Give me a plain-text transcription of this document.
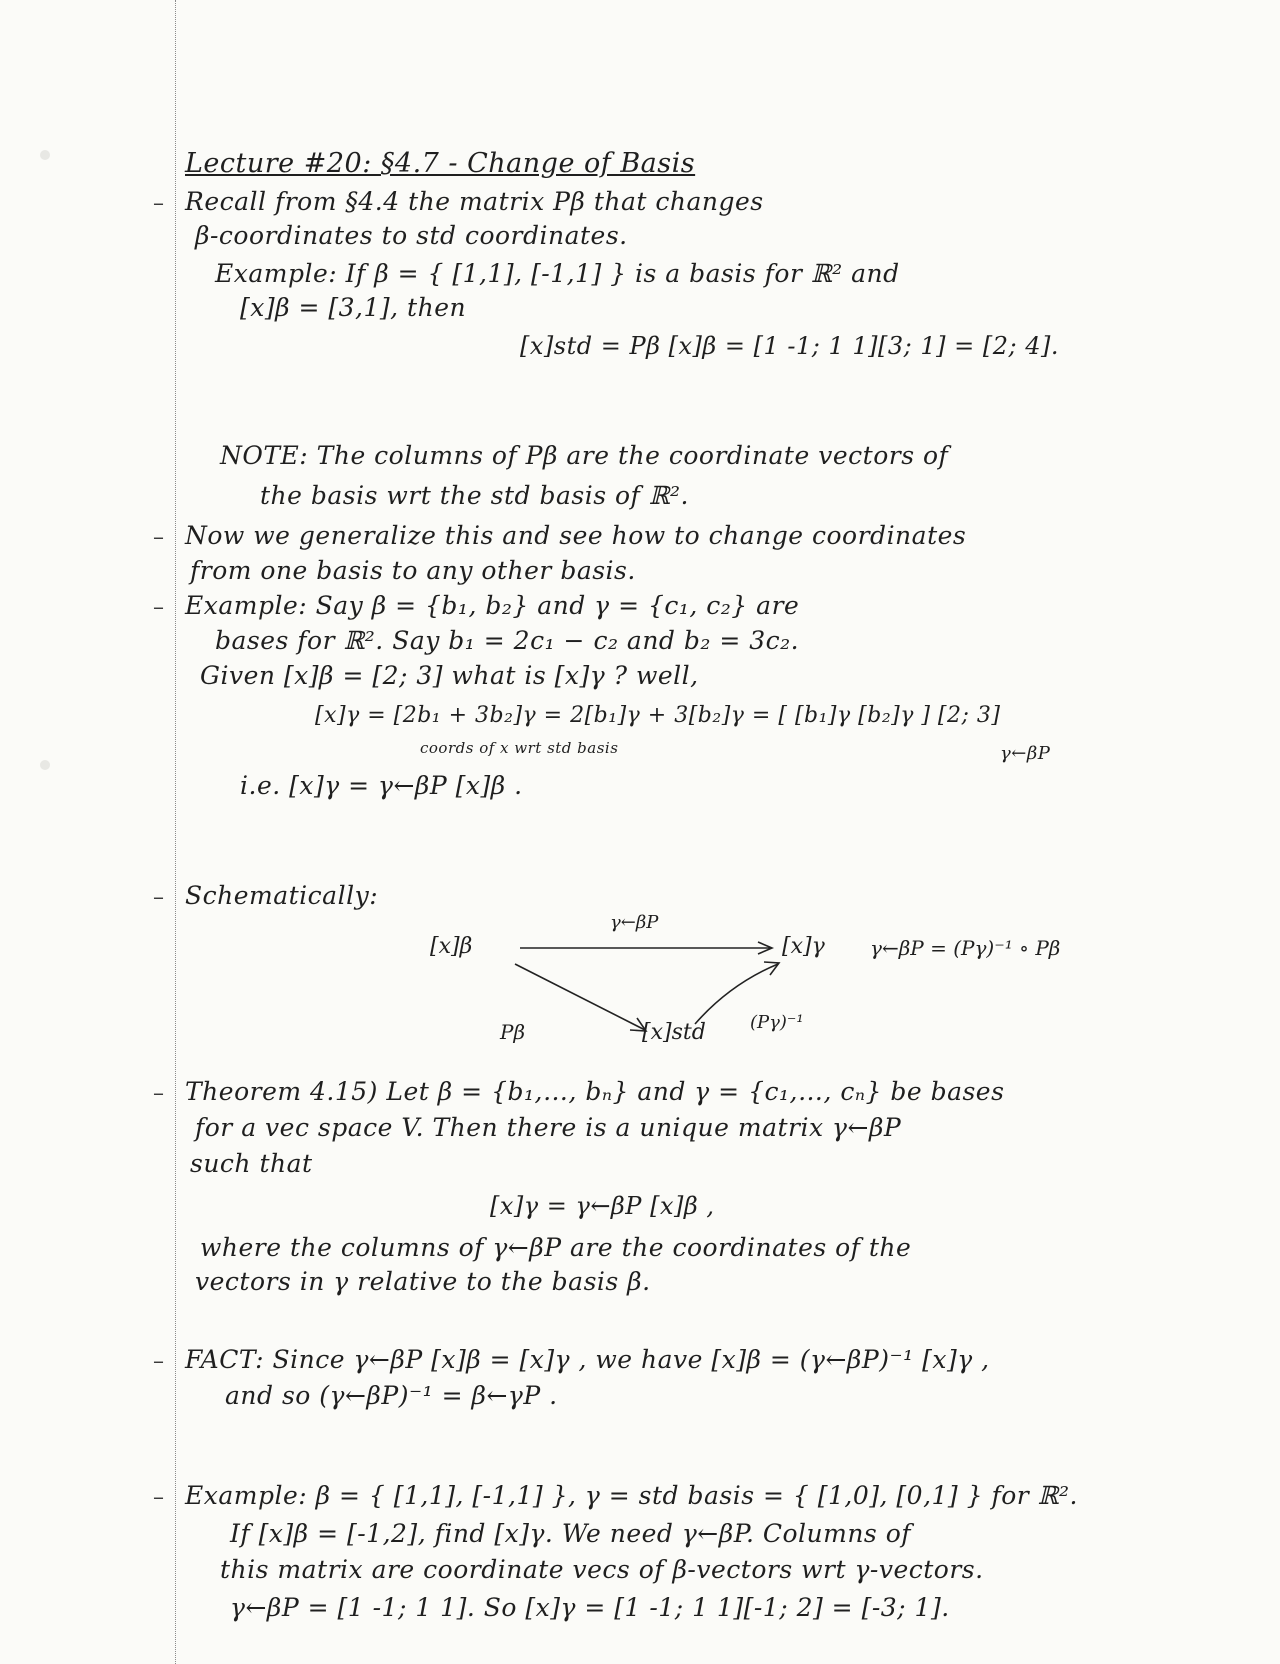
Lecture #20: §4.7 - Change of Basis
– Recall from §4.4 the matrix Pβ that changes
β-coordinates to std coordinates.
Example: If β = { [1,1], [-1,1] } is a basis for ℝ² and
[x]β = [3,1], then
[x]std = Pβ [x]β = [1 -1; 1 1][3; 1] = [2; 4].
NOTE: The columns of Pβ are the coordinate vectors of
the basis wrt the std basis of ℝ².
– Now we generalize this and see how to change coordinates
from one basis to any other basis.
– Example: Say β = {b₁, b₂} and γ = {c₁, c₂} are
bases for ℝ². Say b₁ = 2c₁ − c₂ and b₂ = 3c₂.
Given [x]β = [2; 3] what is [x]γ ? well,
[x]γ = [2b₁ + 3b₂]γ = 2[b₁]γ + 3[b₂]γ = [ [b₁]γ [b₂]γ ] [2; 3]
coords of x wrt std basis	γ←βP
i.e. [x]γ = γ←βP [x]β .
– Schematically:
[x]β	[x]γ
[x]std
γ←βP
Pβ	(Pγ)⁻¹
γ←βP = (Pγ)⁻¹ ∘ Pβ
– Theorem 4.15) Let β = {b₁,…, bₙ} and γ = {c₁,…, cₙ} be bases
for a vec space V. Then there is a unique matrix γ←βP
such that
[x]γ = γ←βP [x]β ,
where the columns of γ←βP are the coordinates of the
vectors in γ relative to the basis β.
– FACT: Since γ←βP [x]β = [x]γ , we have [x]β = (γ←βP)⁻¹ [x]γ ,
and so (γ←βP)⁻¹ = β←γP .
– Example: β = { [1,1], [-1,1] }, γ = std basis = { [1,0], [0,1] } for ℝ².
If [x]β = [-1,2], find [x]γ. We need γ←βP. Columns of
this matrix are coordinate vecs of β-vectors wrt γ-vectors.
γ←βP = [1 -1; 1 1]. So [x]γ = [1 -1; 1 1][-1; 2] = [-3; 1].
